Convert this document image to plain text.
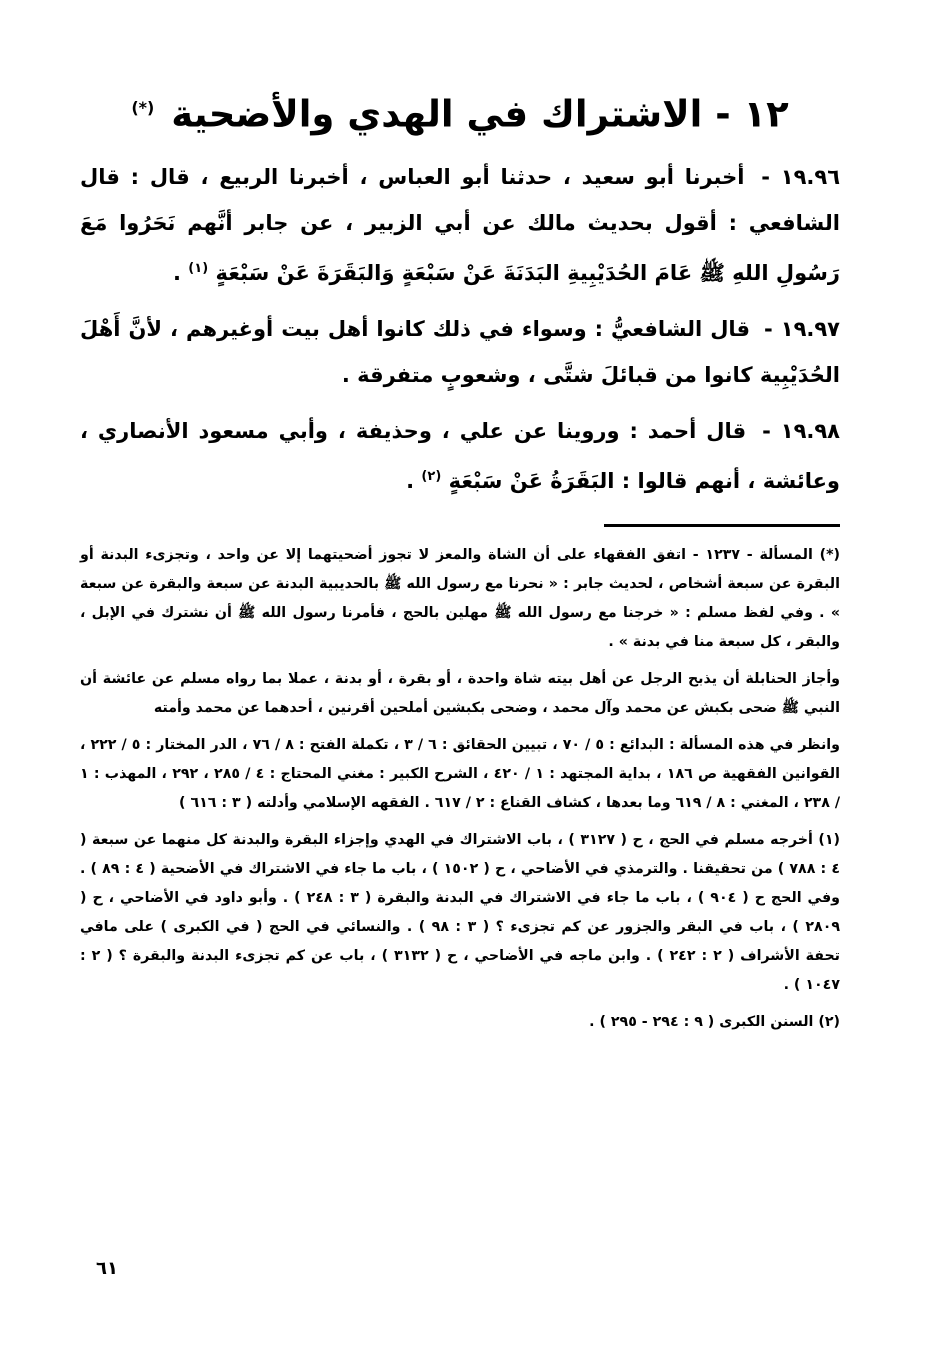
١٢ - الاشتراك في الهدي والأضحية (*)

١٩.٩٦ - أخبرنا أبو سعيد ، حدثنا أبو العباس ، أخبرنا الربيع ، قال : قال الشافعي : أقول بحديث مالك عن أبي الزبير ، عن جابر أنَّهم نَحَرُوا مَعَ رَسُولِ اللهِ ﷺ عَامَ الحُدَيْبِيةِ البَدَنَةَ عَنْ سَبْعَةٍ وَالبَقَرَةَ عَنْ سَبْعَةٍ $^{(١)}$ .

١٩.٩٧ - قال الشافعيُّ : وسواء في ذلك كانوا أهل بيت أوغيرهم ، لأنَّ أَهْلَ الحُدَيْبِية كانوا من قبائلَ شتَّى ، وشعوبٍ متفرقة .

١٩.٩٨ - قال أحمد : وروينا عن علي ، وحذيفة ، وأبي مسعود الأنصاري ، وعائشة ، أنهم قالوا : البَقَرَةُ عَنْ سَبْعَةٍ $^{(٢)}$ .

(*) المسألة - ١٢٣٧ - اتفق الفقهاء على أن الشاة والمعز لا تجوز أضحيتهما إلا عن واحد ، وتجزىء البدنة أو البقرة عن سبعة أشخاص ، لحديث جابر : « نحرنا مع رسول الله ﷺ بالحديبية البدنة عن سبعة والبقرة عن سبعة » . وفي لفظ مسلم : « خرجنا مع رسول الله ﷺ مهلين بالحج ، فأمرنا رسول الله ﷺ أن نشترك في الإبل ، والبقر ، كل سبعة منا في بدنة » .

وأجاز الحنابلة أن يذبح الرجل عن أهل بيته شاة واحدة ، أو بقرة ، أو بدنة ، عملا بما رواه مسلم عن عائشة أن النبي ﷺ ضحى بكبش عن محمد وآل محمد ، وضحى بكبشين أملحين أقرنين ، أحدهما عن محمد وأمته

وانظر في هذه المسألة : البدائع : ٥ / ٧٠ ، تبيين الحقائق : ٦ / ٣ ، تكملة الفتح : ٨ / ٧٦ ، الدر المختار : ٥ / ٢٢٢ ، القوانين الفقهية ص ١٨٦ ، بداية المجتهد : ١ / ٤٢٠ ، الشرح الكبير : مغني المحتاج : ٤ / ٢٨٥ ، ٢٩٢ ، المهذب : ١ / ٢٣٨ ، المغني : ٨ / ٦١٩ وما بعدها ، كشاف القناع : ٢ / ٦١٧ . الفقهه الإسلامي وأدلته ( ٣ : ٦١٦ )

(١) أخرجه مسلم في الحج ، ح ( ٣١٢٧ ) ، باب الاشتراك في الهدي وإجزاء البقرة والبدنة كل منهما عن سبعة ( ٤ : ٧٨٨ ) من تحقيقنا . والترمذي في الأضاحي ، ح ( ١٥٠٢ ) ، باب ما جاء في الاشتراك في الأضحية ( ٤ : ٨٩ ) . وفي الحج ح ( ٩٠٤ ) ، باب ما جاء في الاشتراك في البدنة والبقرة ( ٣ : ٢٤٨ ) . وأبو داود في الأضاحي ، ح ( ٢٨٠٩ ) ، باب في البقر والجزور عن كم تجزىء ؟ ( ٣ : ٩٨ ) . والنسائي في الحج ( في الكبرى ) على مافي تحفة الأشراف ( ٢ : ٢٤٢ ) . وابن ماجه في الأضاحي ، ح ( ٣١٣٢ ) ، باب عن كم تجزىء البدنة والبقرة ؟ ( ٢ : ١٠٤٧ ) .

(٢) السنن الكبرى ( ٩ : ٢٩٤ - ٢٩٥ ) .

٦١
